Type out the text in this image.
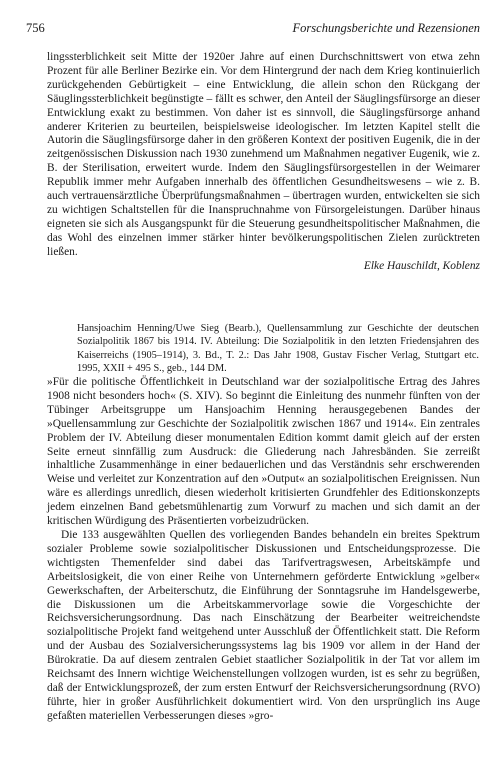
756	Forschungsberichte und Rezensionen

lingssterblichkeit seit Mitte der 1920er Jahre auf einen Durchschnittswert von etwa zehn Prozent für alle Berliner Bezirke ein. Vor dem Hintergrund der nach dem Krieg kontinuierlich zurückgehenden Gebürtigkeit – eine Entwicklung, die allein schon den Rückgang der Säuglingssterblichkeit begünstigte – fällt es schwer, den Anteil der Säuglingsfürsorge an dieser Entwicklung exakt zu bestimmen. Von daher ist es sinnvoll, die Säuglingsfürsorge anhand anderer Kriterien zu beurteilen, beispielsweise ideologischer. Im letzten Kapitel stellt die Autorin die Säuglingsfürsorge daher in den größeren Kontext der positiven Eugenik, die in der zeitgenössischen Diskussion nach 1930 zunehmend um Maßnahmen negativer Eugenik, wie z. B. der Sterilisation, erweitert wurde. Indem den Säuglingsfürsorgestellen in der Weimarer Republik immer mehr Aufgaben innerhalb des öffentlichen Gesundheitswesens – wie z. B. auch vertrauensärztliche Überprüfungsmaßnahmen – übertragen wurden, entwickelten sie sich zu wichtigen Schaltstellen für die Inanspruchnahme von Fürsorgeleistungen. Darüber hinaus eigneten sie sich als Ausgangspunkt für die Steuerung gesundheitspolitischer Maßnahmen, die das Wohl des einzelnen immer stärker hinter bevölkerungspolitischen Zielen zurücktreten ließen.

Elke Hauschildt, Koblenz

Hansjoachim Henning/Uwe Sieg (Bearb.), Quellensammlung zur Geschichte der deutschen Sozialpolitik 1867 bis 1914. IV. Abteilung: Die Sozialpolitik in den letzten Friedensjahren des Kaiserreichs (1905–1914), 3. Bd., T. 2.: Das Jahr 1908, Gustav Fischer Verlag, Stuttgart etc. 1995, XXII + 495 S., geb., 144 DM.

»Für die politische Öffentlichkeit in Deutschland war der sozialpolitische Ertrag des Jahres 1908 nicht besonders hoch« (S. XIV). So beginnt die Einleitung des nunmehr fünften von der Tübinger Arbeitsgruppe um Hansjoachim Henning herausgegebenen Bandes der »Quellensammlung zur Geschichte der Sozialpolitik zwischen 1867 und 1914«. Ein zentrales Problem der IV. Abteilung dieser monumentalen Edition kommt damit gleich auf der ersten Seite erneut sinnfällig zum Ausdruck: die Gliederung nach Jahresbänden. Sie zerreißt inhaltliche Zusammenhänge in einer bedauerlichen und das Verständnis sehr erschwerenden Weise und verleitet zur Konzentration auf den »Output« an sozialpolitischen Ereignissen. Nun wäre es allerdings unredlich, diesen wiederholt kritisierten Grundfehler des Editionskonzepts jedem einzelnen Band gebetsmühlenartig zum Vorwurf zu machen und sich damit an der kritischen Würdigung des Präsentierten vorbeizudrücken.

Die 133 ausgewählten Quellen des vorliegenden Bandes behandeln ein breites Spektrum sozialer Probleme sowie sozialpolitischer Diskussionen und Entscheidungsprozesse. Die wichtigsten Themenfelder sind dabei das Tarifvertragswesen, Arbeitskämpfe und Arbeitslosigkeit, die von einer Reihe von Unternehmern geförderte Entwicklung »gelber« Gewerkschaften, der Arbeiterschutz, die Einführung der Sonntagsruhe im Handelsgewerbe, die Diskussionen um die Arbeitskammervorlage sowie die Vorgeschichte der Reichsversicherungsordnung. Das nach Einschätzung der Bearbeiter weitreichendste sozialpolitische Projekt fand weitgehend unter Ausschluß der Öffentlichkeit statt. Die Reform und der Ausbau des Sozialversicherungssystems lag bis 1909 vor allem in der Hand der Bürokratie. Da auf diesem zentralen Gebiet staatlicher Sozialpolitik in der Tat vor allem im Reichsamt des Innern wichtige Weichenstellungen vollzogen wurden, ist es sehr zu begrüßen, daß der Entwicklungsprozeß, der zum ersten Entwurf der Reichsversicherungsordnung (RVO) führte, hier in großer Ausführlichkeit dokumentiert wird. Von den ursprünglich ins Auge gefaßten materiellen Verbesserungen dieses »gro-
